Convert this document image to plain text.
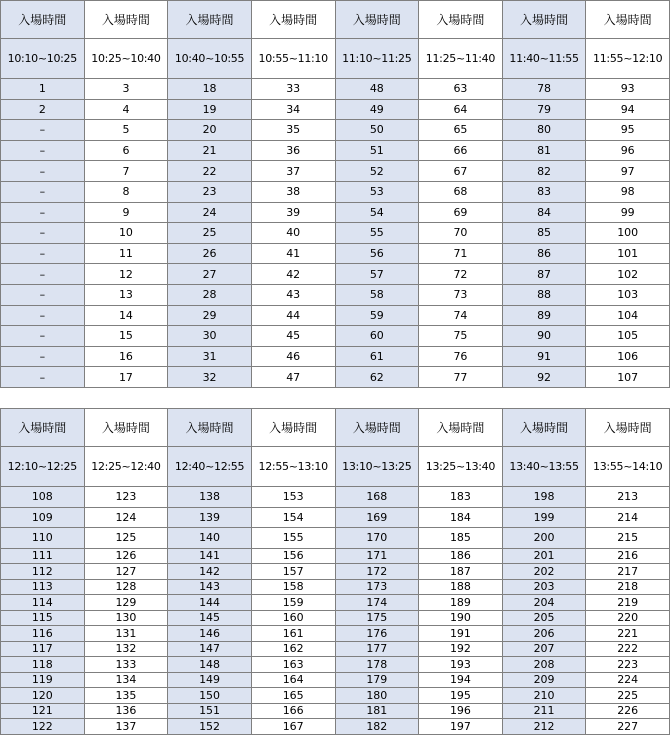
入場時間	入場時間	入場時間	入場時間	入場時間	入場時間	入場時間	入場時間
10:10~10:25	10:25~10:40	10:40~10:55	10:55~11:10	11:10~11:25	11:25~11:40	11:40~11:55	11:55~12:10
1	3	18	33	48	63	78	93
2	4	19	34	49	64	79	94
–	5	20	35	50	65	80	95
–	6	21	36	51	66	81	96
–	7	22	37	52	67	82	97
–	8	23	38	53	68	83	98
–	9	24	39	54	69	84	99
–	10	25	40	55	70	85	100
–	11	26	41	56	71	86	101
–	12	27	42	57	72	87	102
–	13	28	43	58	73	88	103
–	14	29	44	59	74	89	104
–	15	30	45	60	75	90	105
–	16	31	46	61	76	91	106
–	17	32	47	62	77	92	107
入場時間	入場時間	入場時間	入場時間	入場時間	入場時間	入場時間	入場時間
12:10~12:25	12:25~12:40	12:40~12:55	12:55~13:10	13:10~13:25	13:25~13:40	13:40~13:55	13:55~14:10
108	123	138	153	168	183	198	213
109	124	139	154	169	184	199	214
110	125	140	155	170	185	200	215
111	126	141	156	171	186	201	216
112	127	142	157	172	187	202	217
113	128	143	158	173	188	203	218
114	129	144	159	174	189	204	219
115	130	145	160	175	190	205	220
116	131	146	161	176	191	206	221
117	132	147	162	177	192	207	222
118	133	148	163	178	193	208	223
119	134	149	164	179	194	209	224
120	135	150	165	180	195	210	225
121	136	151	166	181	196	211	226
122	137	152	167	182	197	212	227
